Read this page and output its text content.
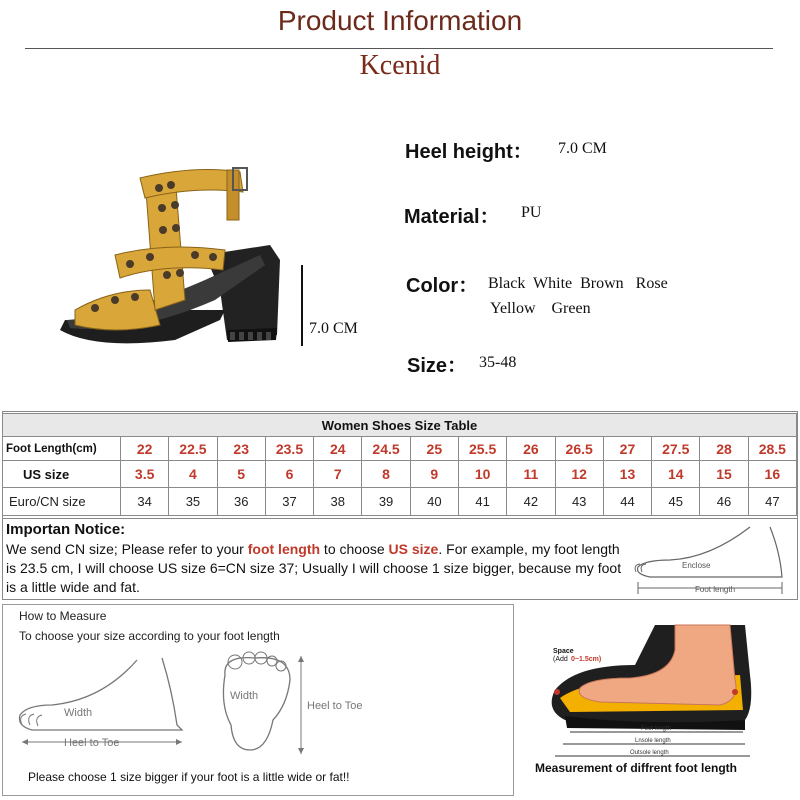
Product Information
Kcenid
7.0 CM
Heel height： 7.0 CM
Material： PU
Color： Black  White  Brown   Rose
Yellow    Green
Size： 35-48
Women Shoes Size Table														
Foot Length(cm)	22	22.5	23	23.5	24	24.5	25	25.5	26	26.5	27	27.5	28	28.5
US size	3.5	4	5	6	7	8	9	10	11	12	13	14	15	16
Euro/CN size	34	35	36	37	38	39	40	41	42	43	44	45	46	47
Importan Notice:
We send CN size; Please refer to your foot length to choose US size. For example, my foot length is 23.5 cm, I will choose US size 6=CN size 37; Usually I will choose 1 size bigger, because my foot is a little wide and fat.
Enclose
Foot length
How to Measure
To choose your size according to your foot length
Width
Heel to Toe
Width
Heel to Toe
Please choose 1 size bigger if your foot is a little wide or fat!!
Space
(Add 0~1.5cm)
Foot length
Lnsole length
Outsole length
Measurement of diffrent foot length
